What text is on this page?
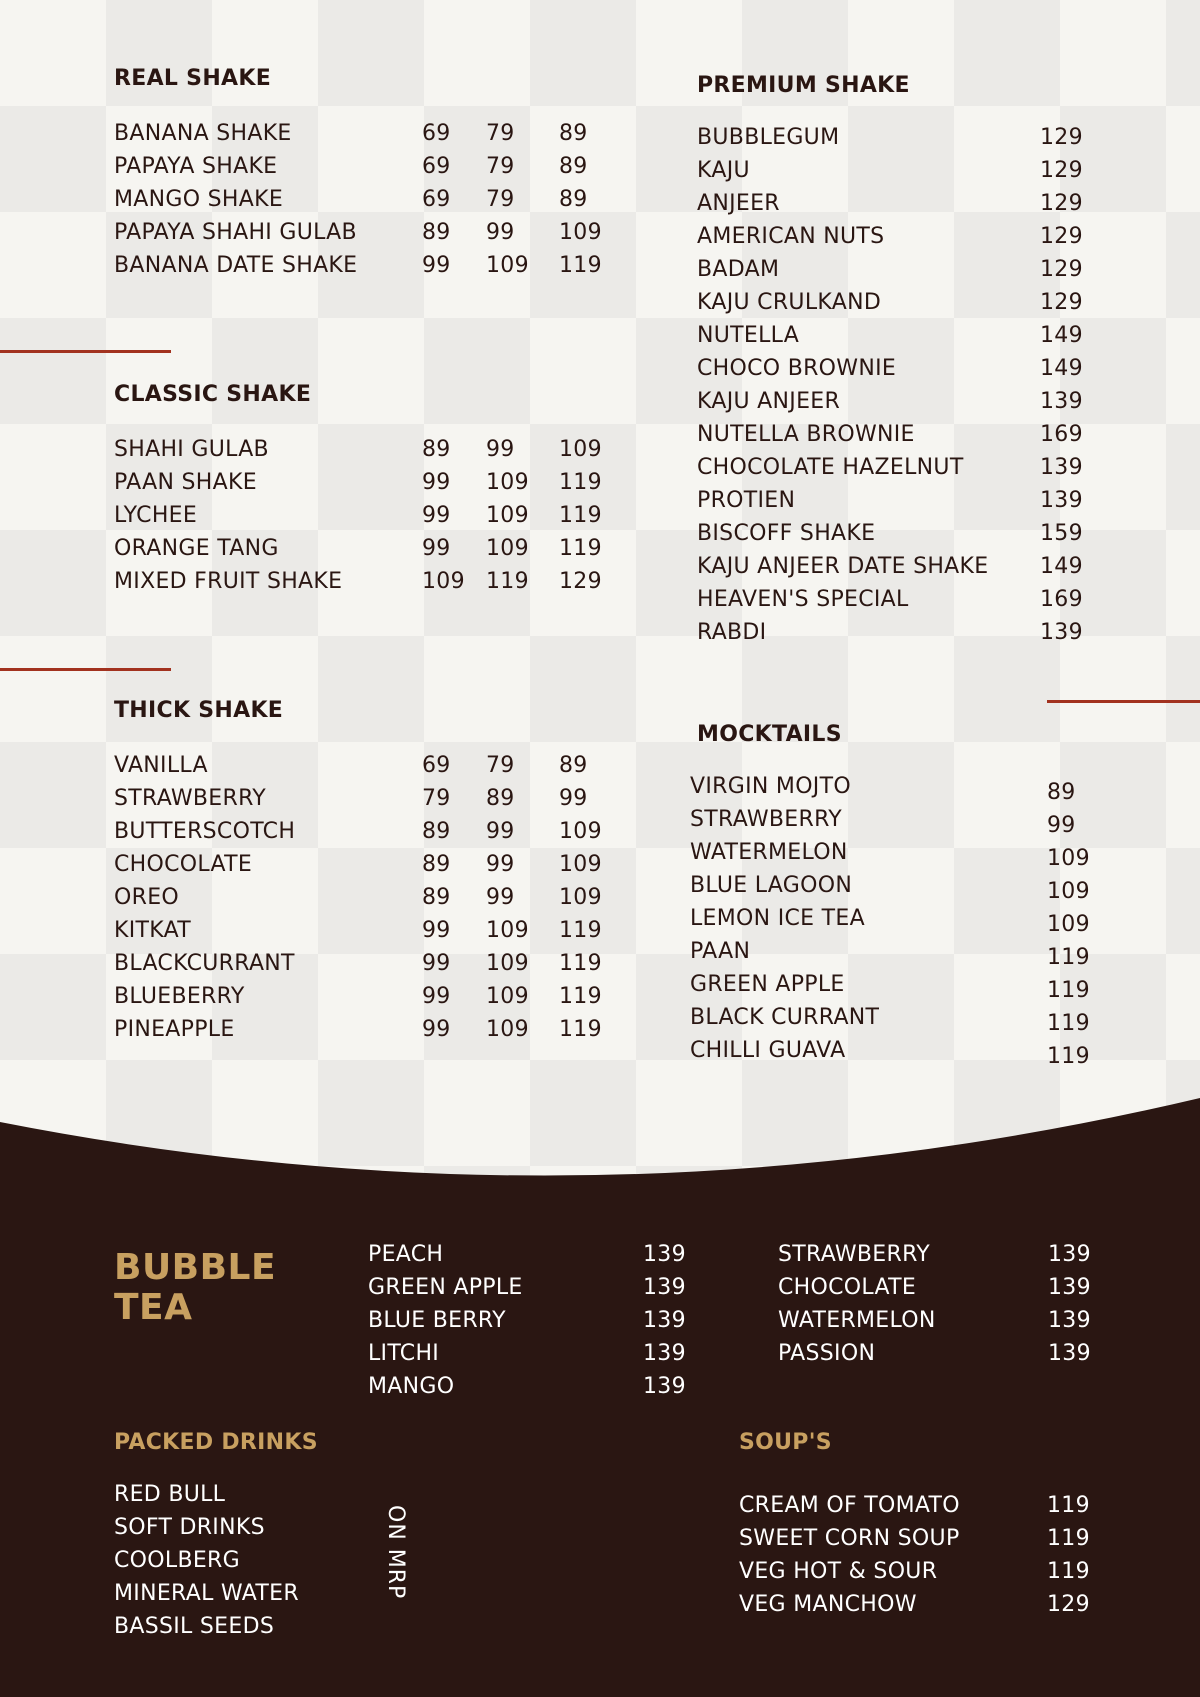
REAL SHAKE
BANANA SHAKE	69 79 89
PAPAYA SHAKE	69 79 89
MANGO SHAKE	69 79 89
PAPAYA SHAHI GULAB	89 99 109
BANANA DATE SHAKE	99 109 119
CLASSIC SHAKE
SHAHI GULAB	89 99 109
PAAN SHAKE	99 109 119
LYCHEE	99 109 119
ORANGE TANG	99 109 119
MIXED FRUIT SHAKE	109 119 129
THICK SHAKE
VANILLA	69 79 89
STRAWBERRY	79 89 99
BUTTERSCOTCH	89 99 109
CHOCOLATE	89 99 109
OREO	89 99 109
KITKAT	99 109 119
BLACKCURRANT	99 109 119
BLUEBERRY	99 109 119
PINEAPPLE	99 109 119
PREMIUM SHAKE
BUBBLEGUM	129
KAJU	129
ANJEER	129
AMERICAN NUTS	129
BADAM	129
KAJU CRULKAND	129
NUTELLA	149
CHOCO BROWNIE	149
KAJU ANJEER	139
NUTELLA BROWNIE	169
CHOCOLATE HAZELNUT	139
PROTIEN	139
BISCOFF SHAKE	159
KAJU ANJEER DATE SHAKE 149
HEAVEN'S SPECIAL	169
RABDI	139
MOCKTAILS
VIRGIN MOJTO	89
STRAWBERRY	99
WATERMELON	109
BLUE LAGOON	109
LEMON ICE TEA	109
PAAN	119
GREEN APPLE	119
BLACK CURRANT	119
CHILLI GUAVA	119
BUBBLE
TEA
PEACH	139
GREEN APPLE	139
BLUE BERRY	139
LITCHI	139
MANGO	139
STRAWBERRY	139
CHOCOLATE	139
WATERMELON	139
PASSION	139
PACKED DRINKS
RED BULL
SOFT DRINKS
COOLBERG
MINERAL WATER
BASSIL SEEDS
ON MRP
SOUP'S
CREAM OF TOMATO	119
SWEET CORN SOUP	119
VEG HOT & SOUR	119
VEG MANCHOW	129
